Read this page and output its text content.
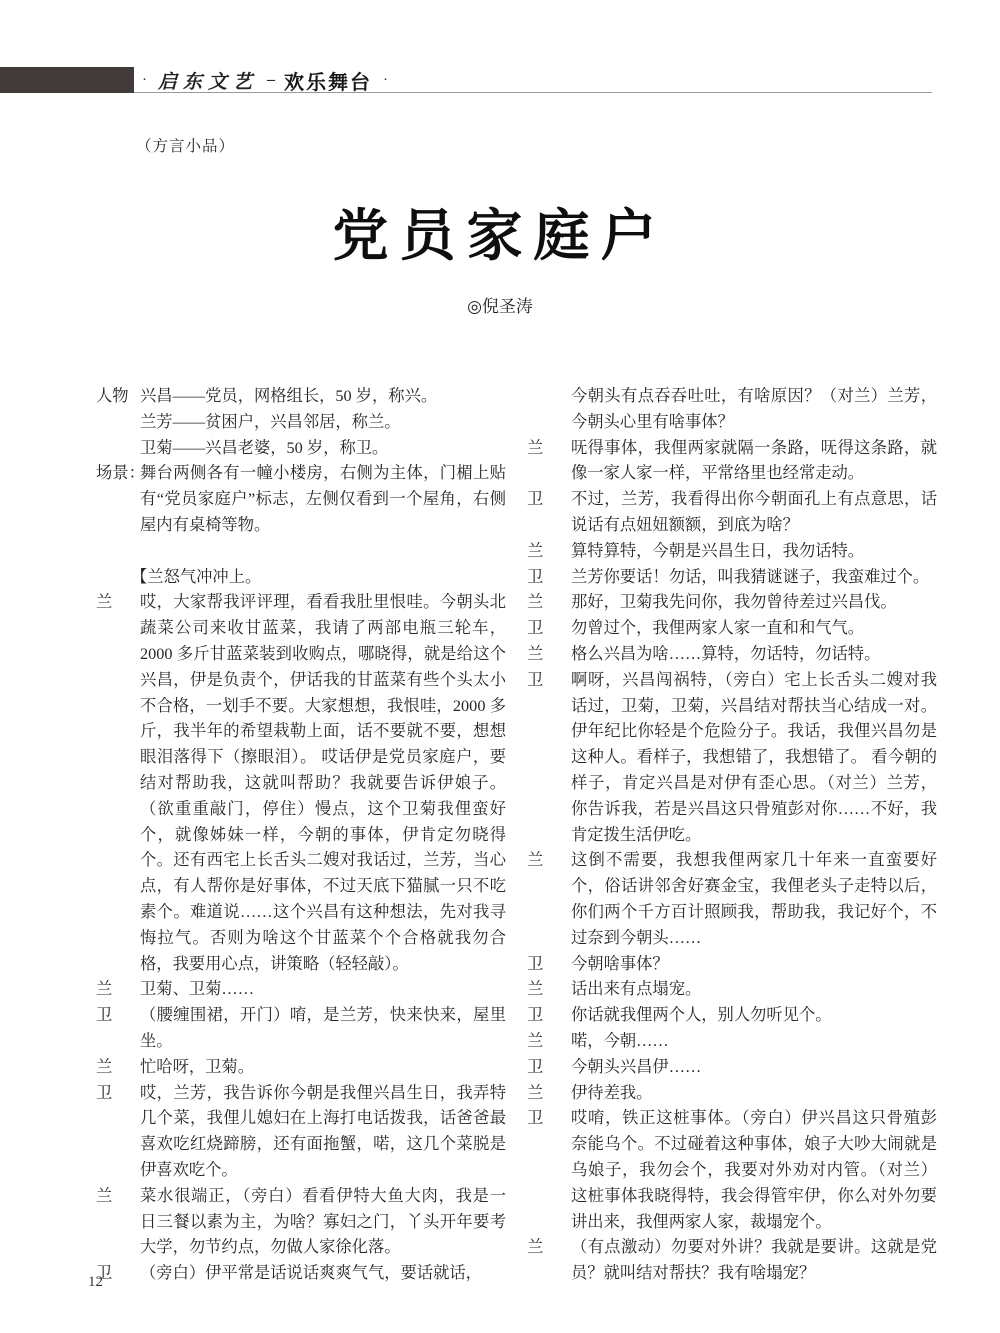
· 启东文艺 – 欢乐舞台 ·
（方言小品）
党员家庭户
◎倪圣涛
人物 兴昌——党员，网格组长，50 岁，称兴。
兰芳——贫困户，兴昌邻居，称兰。
卫菊——兴昌老婆，50 岁，称卫。
场景：
舞台两侧各有一幢小楼房，右侧为主体，门楣上贴有“党员家庭户”标志，左侧仅看到一个屋角，右侧屋内有桌椅等物。
【兰怒气冲冲上。
兰 哎，大家帮我评评理，看看我肚里恨哇。今朝头北蔬菜公司来收甘蓝菜，我请了两部电瓶三轮车，2000 多斤甘蓝菜装到收购点，哪晓得，就是给这个兴昌，伊是负责个，伊话我的甘蓝菜有些个头太小不合格，一划手不要。大家想想，我恨哇，2000 多斤，我半年的希望栽勒上面，话不要就不要，想想眼泪落得下（擦眼泪）。 哎话伊是党员家庭户，要结对帮助我，这就叫帮助？我就要告诉伊娘子。（欲重重敲门，停住）慢点，这个卫菊我俚蛮好个，就像姊妹一样，今朝的事体，伊肯定勿晓得个。还有西宅上长舌头二嫂对我话过，兰芳，当心点，有人帮你是好事体，不过天底下猫腻一只不吃素个。难道说……这个兴昌有这种想法，先对我寻悔拉气。否则为啥这个甘蓝菜个个合格就我勿合格，我要用心点，讲策略（轻轻敲）。
兰 卫菊、卫菊……
卫 （腰缠围裙，开门）唷，是兰芳，快来快来，屋里坐。
兰 忙哈呀，卫菊。
卫 哎，兰芳，我告诉你今朝是我俚兴昌生日，我弄特几个菜，我俚儿媳妇在上海打电话拨我，话爸爸最喜欢吃红烧蹄膀，还有面拖蟹，喏，这几个菜脱是伊喜欢吃个。
兰 菜水很端正，（旁白）看看伊特大鱼大肉，我是一日三餐以素为主，为啥？寡妇之门，丫头开年要考大学，勿节约点，勿做人家徐化落。
卫 （旁白）伊平常是话说话爽爽气气，要话就话，
今朝头有点吞吞吐吐，有啥原因？（对兰）兰芳，今朝头心里有啥事体？
兰 呒得事体，我俚两家就隔一条路，呒得这条路，就像一家人家一样，平常络里也经常走动。
卫 不过，兰芳，我看得出你今朝面孔上有点意思，话说话有点妞妞额额，到底为啥？
兰 算特算特，今朝是兴昌生日，我勿话特。
卫 兰芳你要话！勿话，叫我猜谜谜子，我蛮难过个。
兰 那好，卫菊我先问你，我勿曾待差过兴昌伐。
卫 勿曾过个，我俚两家人家一直和和气气。
兰 格么兴昌为啥……算特，勿话特，勿话特。
卫 啊呀，兴昌闯祸特，（旁白）宅上长舌头二嫂对我话过，卫菊，卫菊，兴昌结对帮扶当心结成一对。伊年纪比你轻是个危险分子。我话，我俚兴昌勿是这种人。看样子，我想错了，我想错了。 看今朝的样子，肯定兴昌是对伊有歪心思。（对兰）兰芳，你告诉我，若是兴昌这只骨殖彭对你……不好，我肯定拨生活伊吃。
兰 这倒不需要，我想我俚两家几十年来一直蛮要好个，俗话讲邻舍好赛金宝，我俚老头子走特以后，你们两个千方百计照顾我，帮助我，我记好个，不过奈到今朝头……
卫 今朝啥事体？
兰 话出来有点塌宠。
卫 你话就我俚两个人，别人勿听见个。
兰 喏，今朝……
卫 今朝头兴昌伊……
兰 伊待差我。
卫 哎唷，铁正这桩事体。（旁白）伊兴昌这只骨殖彭奈能乌个。不过碰着这种事体，娘子大吵大闹就是乌娘子，我勿会个，我要对外劝对内管。（对兰）这桩事体我晓得特，我会得管牢伊，你么对外勿要讲出来，我俚两家人家，裁塌宠个。
兰 （有点激动）勿要对外讲？我就是要讲。这就是党员？就叫结对帮扶？我有啥塌宠？
12
